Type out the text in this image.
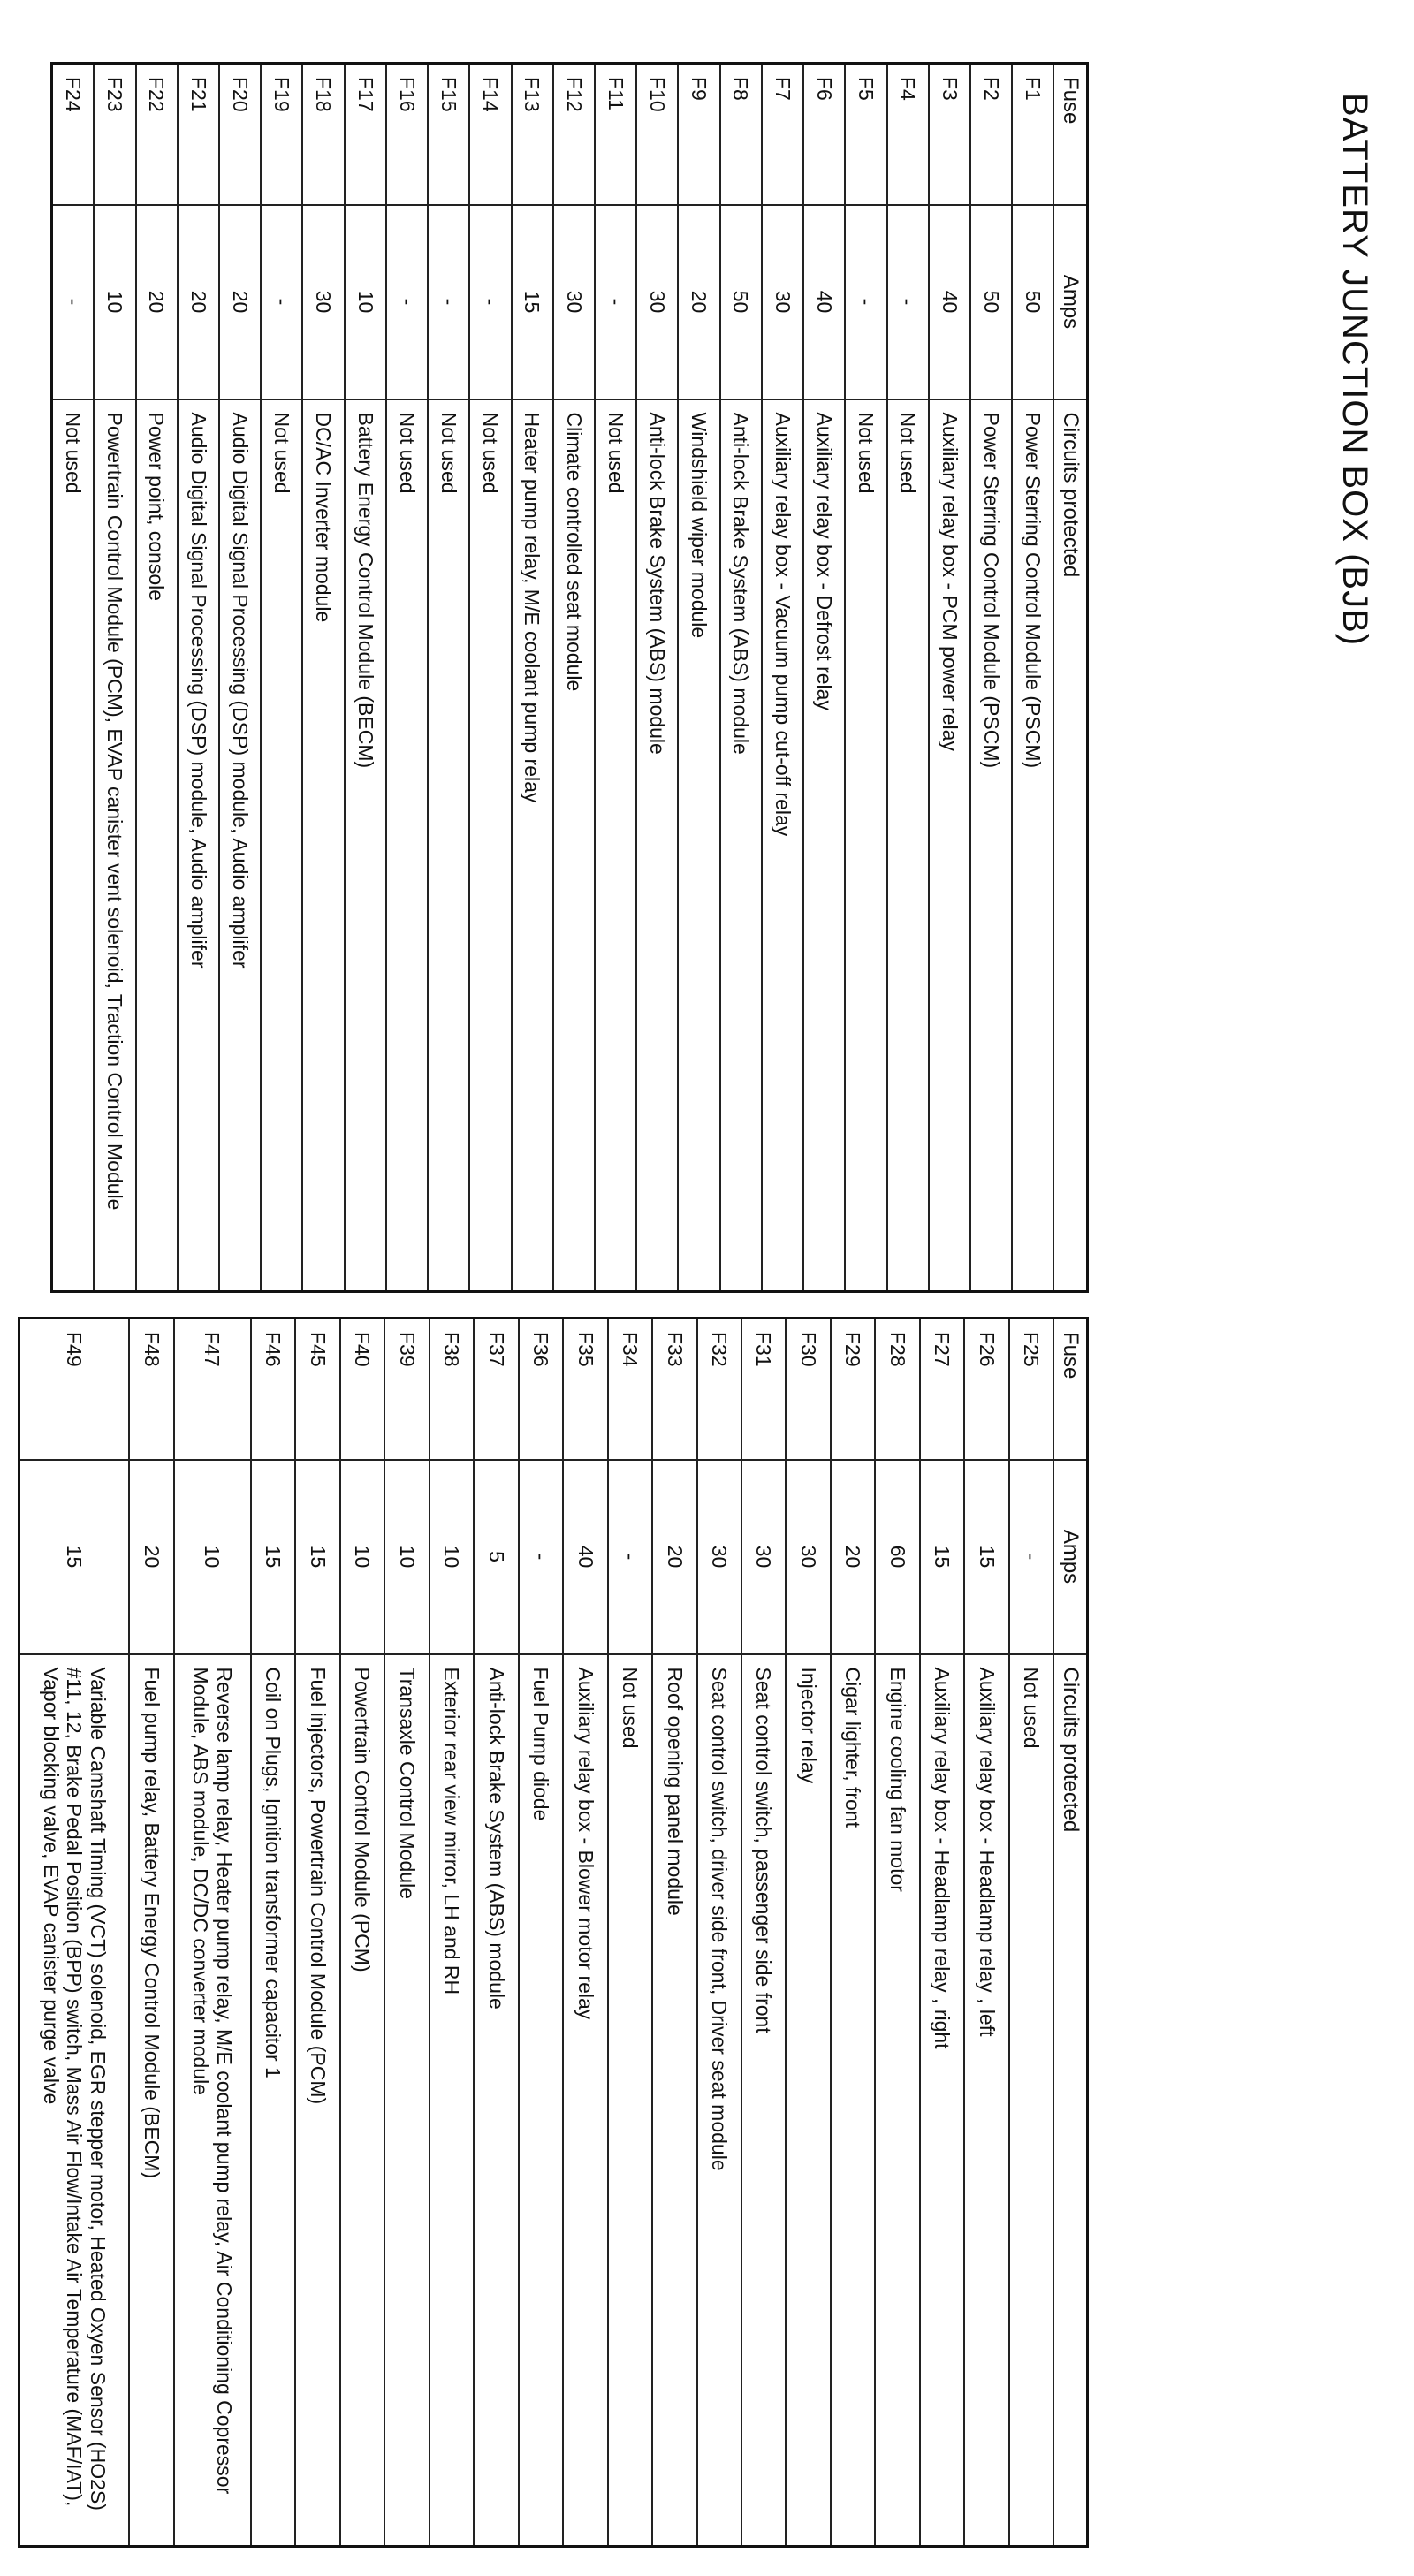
BATTERY JUNCTION BOX (BJB)
Fuse	Amps	Circuits protected
F1	50	Power Sterring Control Module (PSCM)
F2	50	Power Sterring Control Module (PSCM)
F3	40	Auxiliary relay box - PCM power relay
F4	-	Not used
F5	-	Not used
F6	40	Auxiliary relay box - Defrost relay
F7	30	Auxiliary relay box - Vacuum pump cut-off relay
F8	50	Anti-lock Brake System (ABS) module
F9	20	Windshield wiper module
F10	30	Anti-lock Brake System (ABS) module
F11	-	Not used
F12	30	Climate controlled seat module
F13	15	Heater pump relay, M/E coolant pump relay
F14	-	Not used
F15	-	Not used
F16	-	Not used
F17	10	Battery Energy Control Module (BECM)
F18	30	DC/AC Inverter module
F19	-	Not used
F20	20	Audio Digital Signal Processing (DSP) module, Audio amplifer
F21	20	Audio Digital Signal Processing (DSP) module, Audio amplifer
F22	20	Power point, console
F23	10	Powertrain Control Module (PCM), EVAP canister vent solenoid, Traction Control Module
F24	-	Not used
Fuse	Amps	Circuits protected
F25	-	Not used
F26	15	Auxiliary relay box - Headlamp relay , left
F27	15	Auxiliary relay box - Headlamp relay , right
F28	60	Engine cooling fan motor
F29	20	Cigar lighter, front
F30	30	Injector relay
F31	30	Seat control switch, passenger side front
F32	30	Seat control switch, driver side front, Driver seat module
F33	20	Roof opening panel module
F34	-	Not used
F35	40	Auxiliary relay box - Blower motor relay
F36	-	Fuel Pump diode
F37	5	Anti-lock Brake System (ABS) module
F38	10	Exterior rear view mirror, LH and RH
F39	10	Transaxle Control Module
F40	10	Powertrain Control Module (PCM)
F45	15	Fuel injectors, Powertrain Control Module (PCM)
F46	15	Coil on Plugs, Ignition transformer capacitor 1
F47	10	Reverse lamp relay, Heater pump relay, M/E coolant pump relay, Air Conditioning Copressor Module, ABS module, DC/DC converter module
F48	20	Fuel pump relay, Battery Energy Control Module (BECM)
F49	15	Variable Camshaft Timing (VCT) solenoid, EGR stepper motor, Heated Oxyen Sensor (HO2S) #11, 12, Brake Pedal Position (BPP) switch, Mass Air Flow/Intake Air Temperature (MAF/IAT), Vapor blocking valve, EVAP canister purge valve
